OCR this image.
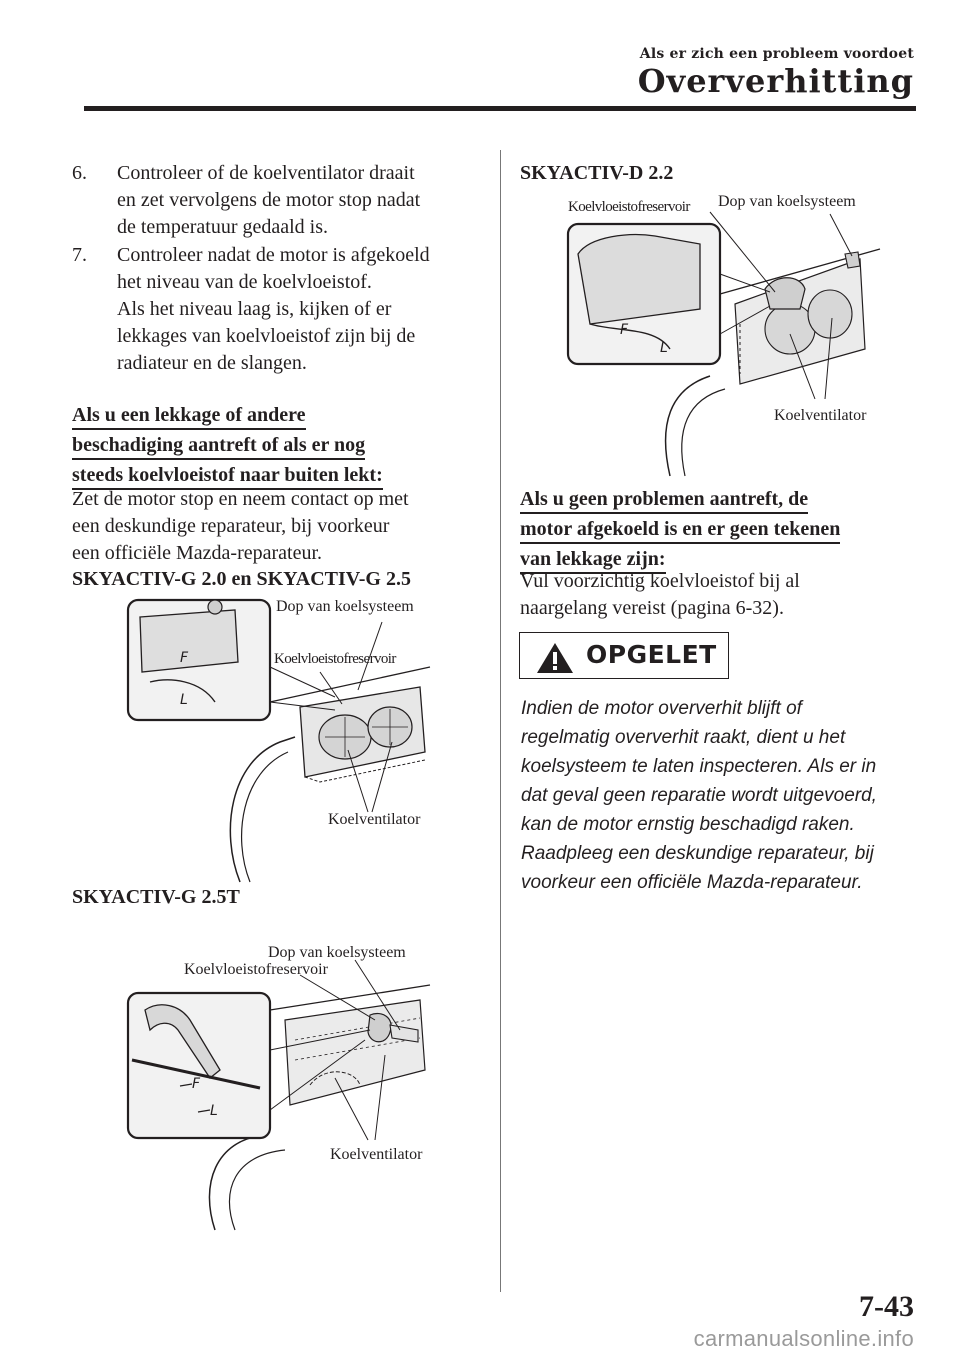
Als er zich een probleem voordoet
Oververhitting
6. Controleer of de koelventilator draait
en zet vervolgens de motor stop nadat
de temperatuur gedaald is.
7. Controleer nadat de motor is afgekoeld
het niveau van de koelvloeistof.
Als het niveau laag is, kijken of er
lekkages van koelvloeistof zijn bij de
radiateur en de slangen.
Als u een lekkage of andere
beschadiging aantreft of als er nog
steeds koelvloeistof naar buiten lekt:
Zet de motor stop en neem contact op met
een deskundige reparateur, bij voorkeur
een officiële Mazda-reparateur.
SKYACTIV-G 2.0 en SKYACTIV-G 2.5
F
L
Dop van koelsysteem
Koelvloeistofreservoir
Koelventilator
SKYACTIV-G 2.5T
F
L
Dop van koelsysteem
Koelvloeistofreservoir
Koelventilator
SKYACTIV-D 2.2
F
L
Dop van koelsysteem
Koelvloeistofreservoir
Koelventilator
Als u geen problemen aantreft, de
motor afgekoeld is en er geen tekenen
van lekkage zijn:
Vul voorzichtig koelvloeistof bij al
naargelang vereist (pagina 6-32).
OPGELET
Indien de motor oververhit blijft of
regelmatig oververhit raakt, dient u het
koelsysteem te laten inspecteren. Als er in
dat geval geen reparatie wordt uitgevoerd,
kan de motor ernstig beschadigd raken.
Raadpleeg een deskundige reparateur, bij
voorkeur een officiële Mazda-reparateur.
7-43
carmanualsonline.info
